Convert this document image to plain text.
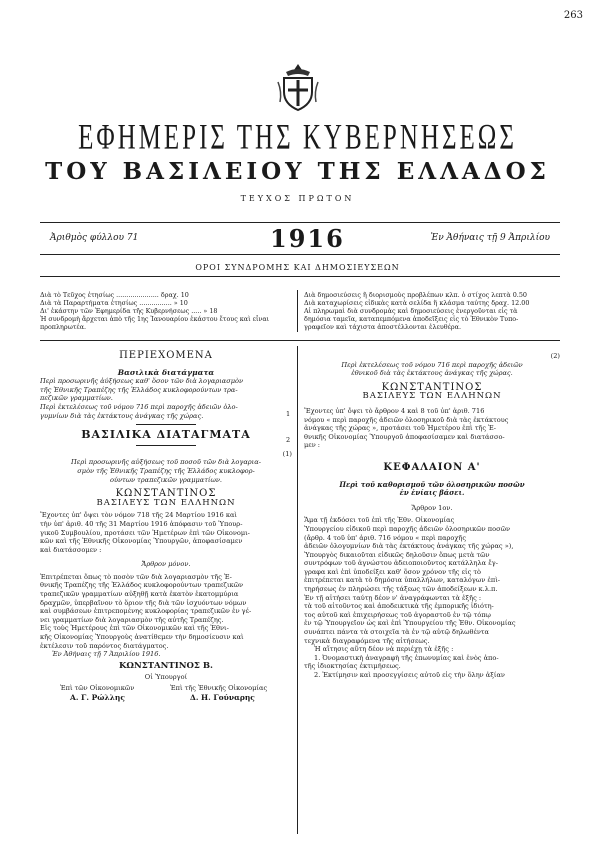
263
ΕΦΗΜΕΡΙΣ ΤΗΣ ΚΥΒΕΡΝΗΣΕΩΣ
ΤΟΥ ΒΑΣΙΛΕΙΟΥ ΤΗΣ ΕΛΛΑΔΟΣ
ΤΕΥΧΟΣ ΠΡΩΤΟΝ
Ἀριθμὸς φύλλου 71	1916	Ἐν Ἀθήναις τῇ 9 Ἀπριλίου
ΟΡΟΙ ΣΥΝΔΡΟΜΗΣ ΚΑΙ ΔΗΜΟΣΙΕΥΣΕΩΝ
Διὰ τὸ Τεῦχος ἐτησίως ..................... δραχ. 10
Διὰ τὰ Παραρτήματα ἐτησίως ................ » 10
Δι' ἑκάστην τῶν Ἐφημερίδα τῆς Κυβερνήσεως ..... » 18
Ἡ συνδρομὴ ἄρχεται ἀπὸ τῆς 1ης Ἰανουαρίου ἑκάστου ἔτους καὶ εἶναι
προπληρωτέα.
Διὰ δημοσιεύσεις ἢ διορισμοὺς προβλέπων κλπ. ὁ στίχος λεπτὰ 0.50
Διὰ καταχωρίσεις εἰδικὰς κατὰ σελίδα ἢ κλάσμα ταύτης δραχ. 12.00
Αἱ πληρωμαὶ διὰ συνδρομὰς καὶ δημοσιεύσεις ἐνεργοῦνται εἰς τὰ
δημόσια ταμεῖα, καταπεμπόμενα ἀποδεῖξεις εἰς τὸ Ἐθνικὸν Τυπο-
γραφεῖον καὶ τάχιστα ἀποστέλλονται ἐλευθέρα.
ΠΕΡΙΕΧΟΜΕΝΑ
Βασιλικὰ διατάγματα
Περὶ προσωρινῆς ἀύξήσεως καθ' ὅσον τῶν διὰ λογαριασμὸν
τῆς Ἐθνικῆς Τραπέζης τῆς Ἑλλάδος κυκλοφορούντων τρα-
πεζικῶν γραμματίων.
Περὶ ἐκτελέσεως τοῦ νόμου 716 περὶ παροχῆς ἀδειῶν ὀλο-
γυμνίων διὰ τὰς ἐκτάκτους ἀνάγκας τῆς χώρας.
ΒΑΣΙΛΙΚΑ ΔΙΑΤΑΓΜΑΤΑ
(1)
Περὶ προσωρινῆς αὐξήσεως τοῦ ποσοῦ τῶν διὰ λογαρια-
σμὸν τῆς Ἐθνικῆς Τραπέζης τῆς Ἑλλάδος κυκλοφορ-
ούντων τραπεζικῶν γραμματίων.
ΚΩΝΣΤΑΝΤΙΝΟΣ
ΒΑΣΙΛΕΥΣ ΤΩΝ ΕΛΛΗΝΩΝ
Ἔχοντες ὑπ' ὄψει τὸν νόμον 718 τῆς 24 Μαρτίου 1916 καὶ
τὴν ὑπ' ἀριθ. 40 τῆς 31 Μαρτίου 1916 ἀπόφασιν τοῦ Ὑπουρ-
γικοῦ Συμβουλίου, προτάσει τῶν Ἡμετέρων ἐπὶ τῶν Οἰκονομι-
κῶν καὶ τῆς Ἐθνικῆς Οἰκονομίας Ὑπουργῶν, ἀποφασίσαμεν
καὶ διατάσσομεν :
Ἄρθρον μόνον.
Ἐπιτρέπεται ὅπως τὸ ποσὸν τῶν διὰ λογαριασμὸν τῆς Ἐ-
θνικῆς Τραπέζης τῆς Ἑλλάδος κυκλοφορούντων τραπεζικῶν
τραπεζικῶν γραμματίων αὐξηθῇ κατὰ ἑκατὸν ἑκατομμύρια
δραχμῶν, ὑπερβαῖνον τὸ ὅριον τῆς διὰ τῶν ἰσχυόντων νόμων
καὶ συμβάσεων ἐπιτρεπομένης κυκλοφορίας τραπεζικῶν ἐν γέ-
νει γραμματίων διὰ λογαριασμὸν τῆς αὐτῆς Τραπέζης.
Εἰς τοὺς Ἡμετέρους ἐπὶ τῶν Οἰκονομικῶν καὶ τῆς Ἐθνι-
κῆς Οἰκονομίας Ὑπουργοὺς ἀνατίθεμεν τὴν δημοσίευσιν καὶ
ἐκτέλεσιν τοῦ παρόντος διατάγματος.
Ἐν Ἀθήναις τῇ 7 Ἀπριλίου 1916.
ΚΩΝΣΤΑΝΤΙΝΟΣ Β.
Οἱ Ὑπουργοί
Ἐπὶ τῶν Οἰκονομικῶν	Ἐπὶ τῆς Ἐθνικῆς Οἰκονομίας
Α. Γ. Ρώλλης	Δ. Η. Γούναρης
1
2
(2)
Περὶ ἐκτελέσεως τοῦ νόμου 716 περὶ παροχῆς ἀδειῶν
ἐθνικοῦ διὰ τὰς ἐκτάκτους ἀνάγκας τῆς χώρας.
ΚΩΝΣΤΑΝΤΙΝΟΣ
ΒΑΣΙΛΕΥΣ ΤΩΝ ΕΛΛΗΝΩΝ
Ἔχοντες ὑπ' ὄψει τὸ ἄρθρον 4 καὶ 8 τοῦ ὑπ' ἀριθ. 716
νόμου « περὶ παροχῆς ἀδειῶν ὀλοσηρικοῦ διὰ τὰς ἐκτάκτους
ἀνάγκας τῆς χώρας », προτάσει τοῦ Ἡμετέρου ἐπὶ τῆς Ἐ-
θνικῆς Οἰκονομίας Ὑπουργοῦ ἀποφασίσαμεν καὶ διατάσσο-
μεν :
ΚΕΦΑΛΑΙΟΝ Α'
Περὶ τοῦ καθορισμοῦ τῶν ὀλοσηρικῶν ποσῶν
ἐν ἐνίαις βάσει.
Ἄρθρον 1ον.
Ἅμα τῇ ἐκδόσει τοῦ ἐπὶ τῆς Ἐθν. Οἰκονομίας
Ὑπουργείου εἰδικοῦ περὶ παροχῆς ἀδειῶν ὀλοσηρικῶν ποσῶν
(ἄρθρ. 4 τοῦ ὑπ' ἀριθ. 716 νόμου « περὶ παροχῆς
ἀδειῶν ὁλογυμνίων διὰ τὰς ἐκτάκτους ἀνάγκας τῆς χώρας »),
Ὑπουργὸς δικαιοῦται εἰδικῶς δηλοῦσιν ὅπως μετὰ τῶν
συντρόφων τοῦ ἀγνώστου ἀδειοποιοῦντος κατάλληλα ἔγ-
γραφα καὶ ἐπὶ ὑποδείξει καθ' ὅσον χρόνον τῆς εἰς τὸ
ἐπιτρέπεται κατὰ τὸ δημόσια ὑπαλλήλων, καταλόγων ἐπὶ-
τηρήσεως ἐν πληρώσει τῆς τάξεως τῶν ἀποδείξεων κ.λ.π.
Ἐν τῇ αἰτήσει ταύτῃ δέον ν' ἀναγράφωνται τὰ ἐξῆς :
τὰ τοῦ αἰτοῦντος καὶ ἀποδεικτικὰ τῆς ἐμπορικῆς ἰδιότη-
τος αὐτοῦ καὶ ἐπιχειρήσεως τοῦ ἀγοραστοῦ ἐν τῷ τόπῳ
ἐν τῷ Ὑπουργεῖον ὡς καὶ ἐπὶ Ὑπουργείου τῆς Ἐθν. Οἰκονομίας
συνάπτει πάντα τὰ στοιχεῖα τὰ ἐν τῷ αὐτῷ δηλωθέντα
τεχνικὰ διαγραφόμενα τῆς αἰτήσεως.
Ἡ αἴτησις αὕτη δέον νὰ περιέχῃ τὰ ἐξῆς :
1. Ὀνομαστικὴ ἀναγραφὴ τῆς ἐπωνυμίας καὶ ἑνὸς ἀπο-
τῆς ἰδιοκτησίας ἐκτιμήσεως.
2. Ἐκτίμησιν καὶ προσεγγίσεις αὐτοῦ εἰς τὴν ὅλην ἀξίαν
